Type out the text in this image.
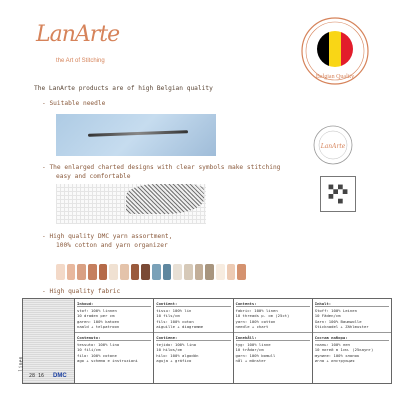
LanArte
the Art of Stitching
Belgian Quality
LanArte
The LanArte products are of high Belgian quality
- Suitable needle
- The enlarged charted designs with clear symbols make stitching
easy and comfortable
- High quality DMC yarn assortment,
100% cotton and yarn organizer
- High quality fabric
linen
DMC
28 16
Inhoud:
stof: 100% linnen
10 draden per cm
garen: 100% katoen
naald + telpatroon
Contenuto:
tessuto: 100% lino
10 fili/cm
filo: 100% cotone
ago + schema e instruzioni
Contient:
tissu: 100% lin
10 fils/cm
fils: 100% coton
aiguille + diagramme
Contiene:
tejido: 100% lino
10 hilos/cm
hilo: 100% algodón
aguja + gráfico
Contents:
fabric: 100% linen
10 threads p. cm (25ct)
yarn: 100% cotton
needle + chart
Innehåll:
tyg: 100% linne
10 trådar/cm
garn: 100% bomull
nål + mönster
Inhalt:
Stoff: 100% Leinen
10 Fäden/cm
Garn: 100% Baumwolle
Sticknadel + Zählmuster
Состав набора:
ткань: 100% лен
10 нитей в 1см. (25каунт)
мулине: 100% хлопок
игла + инструкция
